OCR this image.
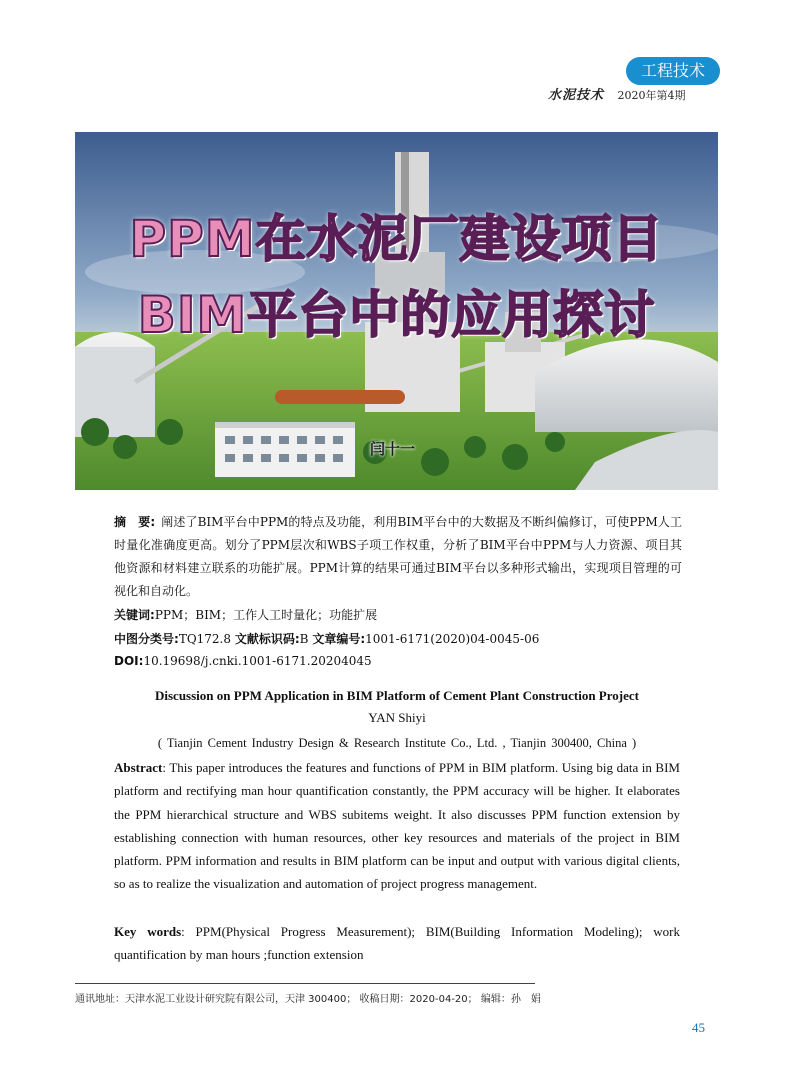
工程技术
水泥技术 2020年第4期
PPM在水泥厂建设项目
BIM平台中的应用探讨
闫十一
摘　要: 阐述了BIM平台中PPM的特点及功能，利用BIM平台中的大数据及不断纠偏修订，可使PPM人工时量化准确度更高。划分了PPM层次和WBS子项工作权重，分析了BIM平台中PPM与人力资源、项目其他资源和材料建立联系的功能扩展。PPM计算的结果可通过BIM平台以多种形式输出，实现项目管理的可视化和自动化。
关键词:PPM；BIM；工作人工时量化；功能扩展
中图分类号:TQ172.8 文献标识码:B 文章编号:1001-6171(2020)04-0045-06
DOI:10.19698/j.cnki.1001-6171.20204045
Discussion on PPM Application in BIM Platform of Cement Plant Construction Project
YAN Shiyi
( Tianjin Cement Industry Design & Research Institute Co., Ltd. , Tianjin 300400, China )
Abstract: This paper introduces the features and functions of PPM in BIM platform. Using big data in BIM platform and rectifying man hour quantification constantly, the PPM accuracy will be higher. It elaborates the PPM hierarchical structure and WBS subitems weight. It also discusses PPM function extension by establishing connection with human resources, other key resources and materials of the project in BIM platform. PPM information and results in BIM platform can be input and output with various digital clients, so as to realize the visualization and automation of project progress management.
Key words: PPM(Physical Progress Measurement); BIM(Building Information Modeling); work quantification by man hours ;function extension
通讯地址：天津水泥工业设计研究院有限公司，天津 300400； 收稿日期：2020-04-20； 编辑：孙　娟
45
